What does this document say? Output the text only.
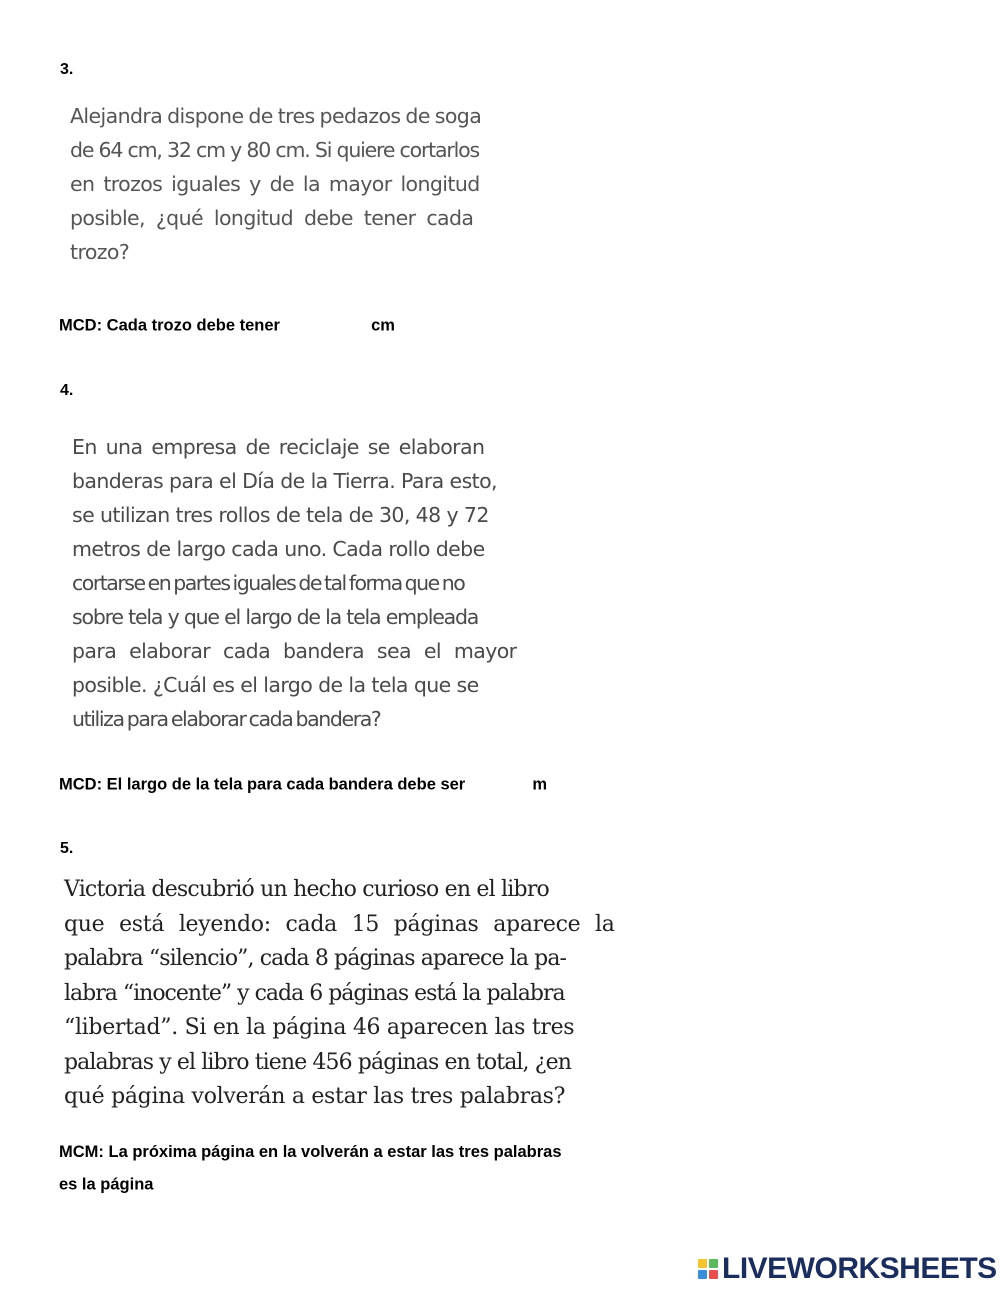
3.
Alejandra dispone de tres pedazos de soga
de 64 cm, 32 cm y 80 cm. Si quiere cortarlos
en trozos iguales y de la mayor longitud
posible, ¿qué longitud debe tener cada
trozo?
MCD: Cada trozo debe tener	cm
4.
En una empresa de reciclaje se elaboran
banderas para el Día de la Tierra. Para esto,
se utilizan tres rollos de tela de 30, 48 y 72
metros de largo cada uno. Cada rollo debe
cortarse en partes iguales de tal forma que no
sobre tela y que el largo de la tela empleada
para elaborar cada bandera sea el mayor
posible. ¿Cuál es el largo de la tela que se
utiliza para elaborar cada bandera?
MCD: El largo de la tela para cada bandera debe ser	m
5.
Victoria descubrió un hecho curioso en el libro
que está leyendo: cada 15 páginas aparece la
palabra “silencio”, cada 8 páginas aparece la pa-
labra “inocente” y cada 6 páginas está la palabra
“libertad”. Si en la página 46 aparecen las tres
palabras y el libro tiene 456 páginas en total, ¿en
qué página volverán a estar las tres palabras?
MCM: La próxima página en la volverán a estar las tres palabras
es la página
LIVEWORKSHEETS
